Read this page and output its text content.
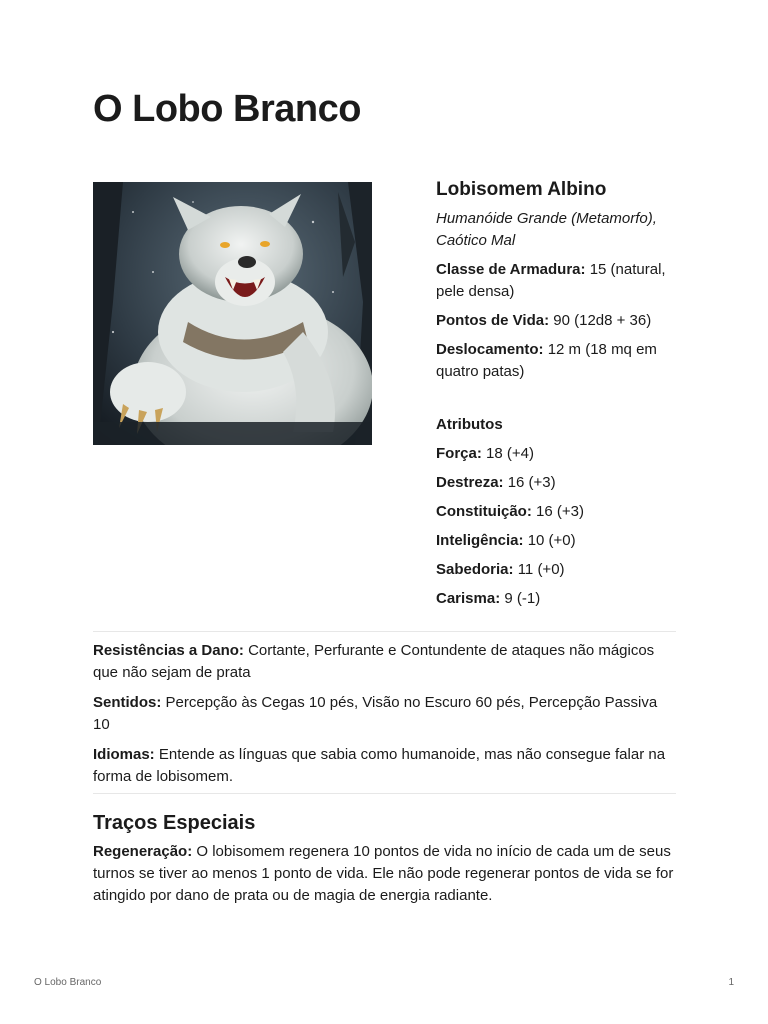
O Lobo Branco
Lobisomem Albino

Humanóide Grande (Metamorfo), Caótico Mal

Classe de Armadura: 15 (natural, pele densa)

Pontos de Vida: 90 (12d8 + 36)

Deslocamento: 12 m (18 mq em quatro patas)

Atributos

Força: 18 (+4)

Destreza: 16 (+3)

Constituição: 16 (+3)

Inteligência: 10 (+0)

Sabedoria: 11 (+0)

Carisma: 9 (-1)

Resistências a Dano: Cortante, Perfurante e Contundente de ataques não mágicos que não sejam de prata

Sentidos: Percepção às Cegas 10 pés, Visão no Escuro 60 pés, Percepção Passiva 10

Idiomas: Entende as línguas que sabia como humanoide, mas não consegue falar na forma de lobisomem.

Traços Especiais

Regeneração: O lobisomem regenera 10 pontos de vida no início de cada um de seus turnos se tiver ao menos 1 ponto de vida. Ele não pode regenerar pontos de vida se for atingido por dano de prata ou de magia de energia radiante.

O Lobo Branco	1
